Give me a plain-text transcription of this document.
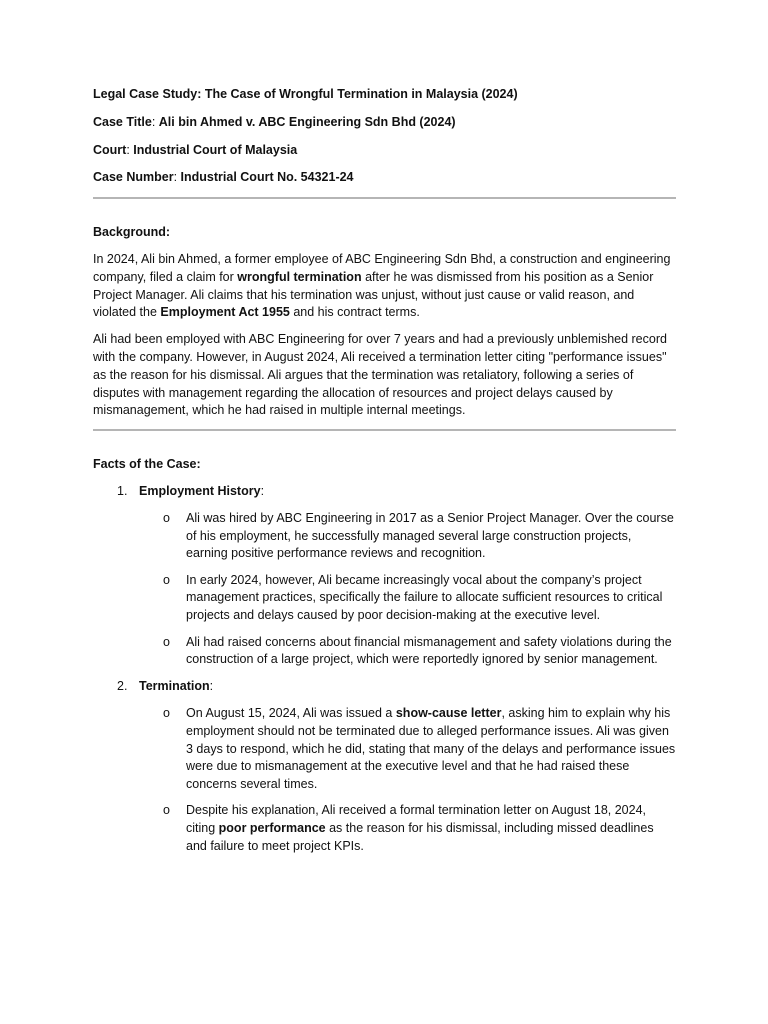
Legal Case Study: The Case of Wrongful Termination in Malaysia (2024)
Case Title: Ali bin Ahmed v. ABC Engineering Sdn Bhd (2024)
Court: Industrial Court of Malaysia
Case Number: Industrial Court No. 54321-24
Background:

In 2024, Ali bin Ahmed, a former employee of ABC Engineering Sdn Bhd, a construction and engineering company, filed a claim for wrongful termination after he was dismissed from his position as a Senior Project Manager. Ali claims that his termination was unjust, without just cause or valid reason, and violated the Employment Act 1955 and his contract terms.

Ali had been employed with ABC Engineering for over 7 years and had a previously unblemished record with the company. However, in August 2024, Ali received a termination letter citing "performance issues" as the reason for his dismissal. Ali argues that the termination was retaliatory, following a series of disputes with management regarding the allocation of resources and project delays caused by mismanagement, which he had raised in multiple internal meetings.

Facts of the Case:
1. Employment History:
o Ali was hired by ABC Engineering in 2017 as a Senior Project Manager. Over the course of his employment, he successfully managed several large construction projects, earning positive performance reviews and recognition.
o In early 2024, however, Ali became increasingly vocal about the company’s project management practices, specifically the failure to allocate sufficient resources to critical projects and delays caused by poor decision-making at the executive level.
o Ali had raised concerns about financial mismanagement and safety violations during the construction of a large project, which were reportedly ignored by senior management.
2. Termination:
o On August 15, 2024, Ali was issued a show-cause letter, asking him to explain why his employment should not be terminated due to alleged performance issues. Ali was given 3 days to respond, which he did, stating that many of the delays and performance issues were due to mismanagement at the executive level and that he had raised these concerns several times.
o Despite his explanation, Ali received a formal termination letter on August 18, 2024, citing poor performance as the reason for his dismissal, including missed deadlines and failure to meet project KPIs.
